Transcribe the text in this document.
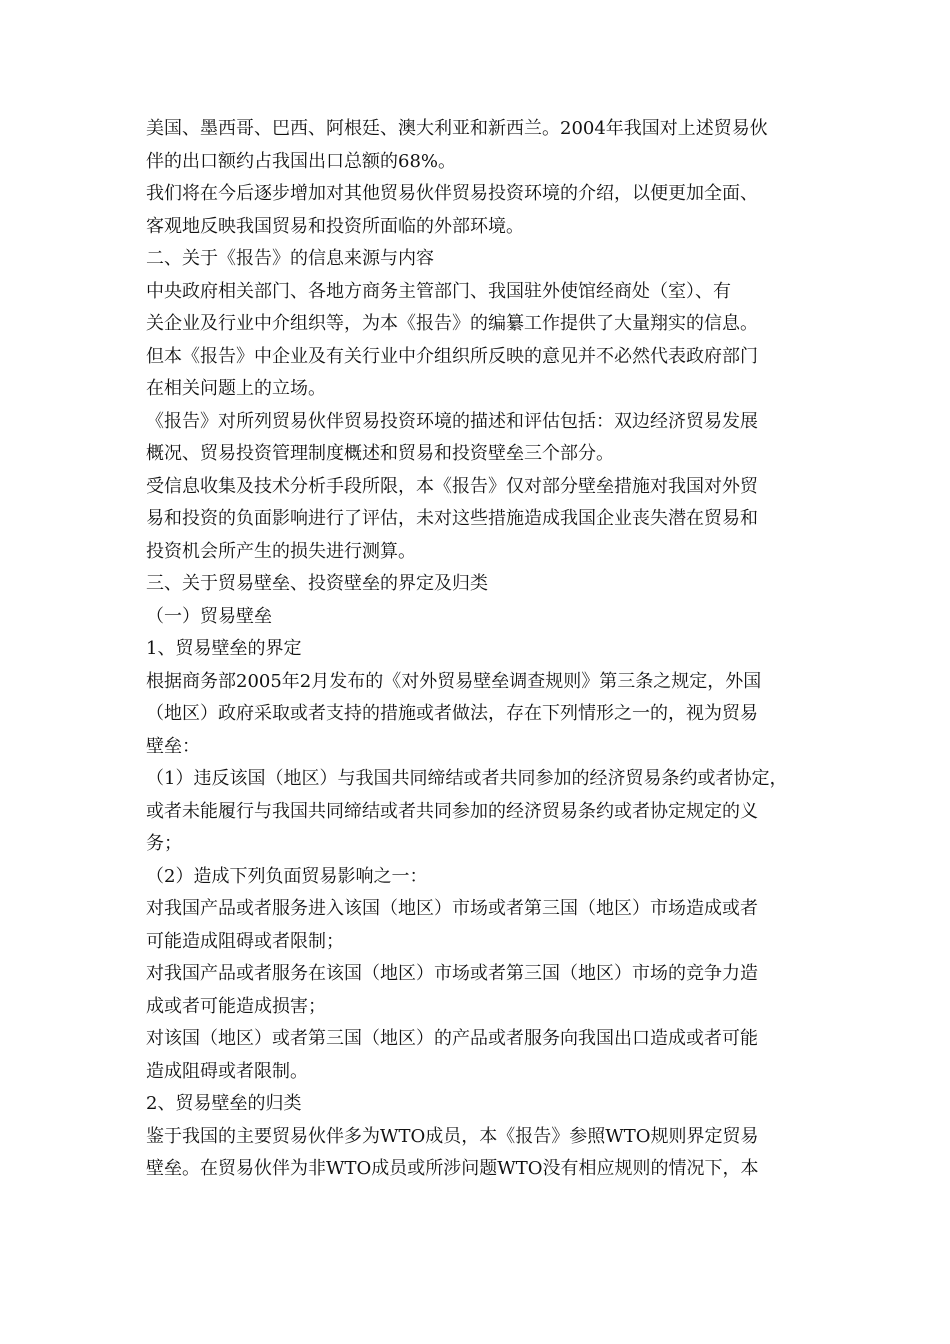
美国、墨西哥、巴西、阿根廷、澳大利亚和新西兰。2004年我国对上述贸易伙
伴的出口额约占我国出口总额的68%。
我们将在今后逐步增加对其他贸易伙伴贸易投资环境的介绍，以便更加全面、
客观地反映我国贸易和投资所面临的外部环境。
二、关于《报告》的信息来源与内容
中央政府相关部门、各地方商务主管部门、我国驻外使馆经商处（室）、有
关企业及行业中介组织等，为本《报告》的编纂工作提供了大量翔实的信息。
但本《报告》中企业及有关行业中介组织所反映的意见并不必然代表政府部门
在相关问题上的立场。
《报告》对所列贸易伙伴贸易投资环境的描述和评估包括：双边经济贸易发展
概况、贸易投资管理制度概述和贸易和投资壁垒三个部分。
受信息收集及技术分析手段所限，本《报告》仅对部分壁垒措施对我国对外贸
易和投资的负面影响进行了评估，未对这些措施造成我国企业丧失潜在贸易和
投资机会所产生的损失进行测算。
三、关于贸易壁垒、投资壁垒的界定及归类
（一）贸易壁垒
1、贸易壁垒的界定
根据商务部2005年2月发布的《对外贸易壁垒调查规则》第三条之规定，外国
（地区）政府采取或者支持的措施或者做法，存在下列情形之一的，视为贸易
壁垒：
（1）违反该国（地区）与我国共同缔结或者共同参加的经济贸易条约或者协定，
或者未能履行与我国共同缔结或者共同参加的经济贸易条约或者协定规定的义
务；
（2）造成下列负面贸易影响之一：
对我国产品或者服务进入该国（地区）市场或者第三国（地区）市场造成或者
可能造成阻碍或者限制；
对我国产品或者服务在该国（地区）市场或者第三国（地区）市场的竞争力造
成或者可能造成损害；
对该国（地区）或者第三国（地区）的产品或者服务向我国出口造成或者可能
造成阻碍或者限制。
2、贸易壁垒的归类
鉴于我国的主要贸易伙伴多为WTO成员，本《报告》参照WTO规则界定贸易
壁垒。在贸易伙伴为非WTO成员或所涉问题WTO没有相应规则的情况下，本
